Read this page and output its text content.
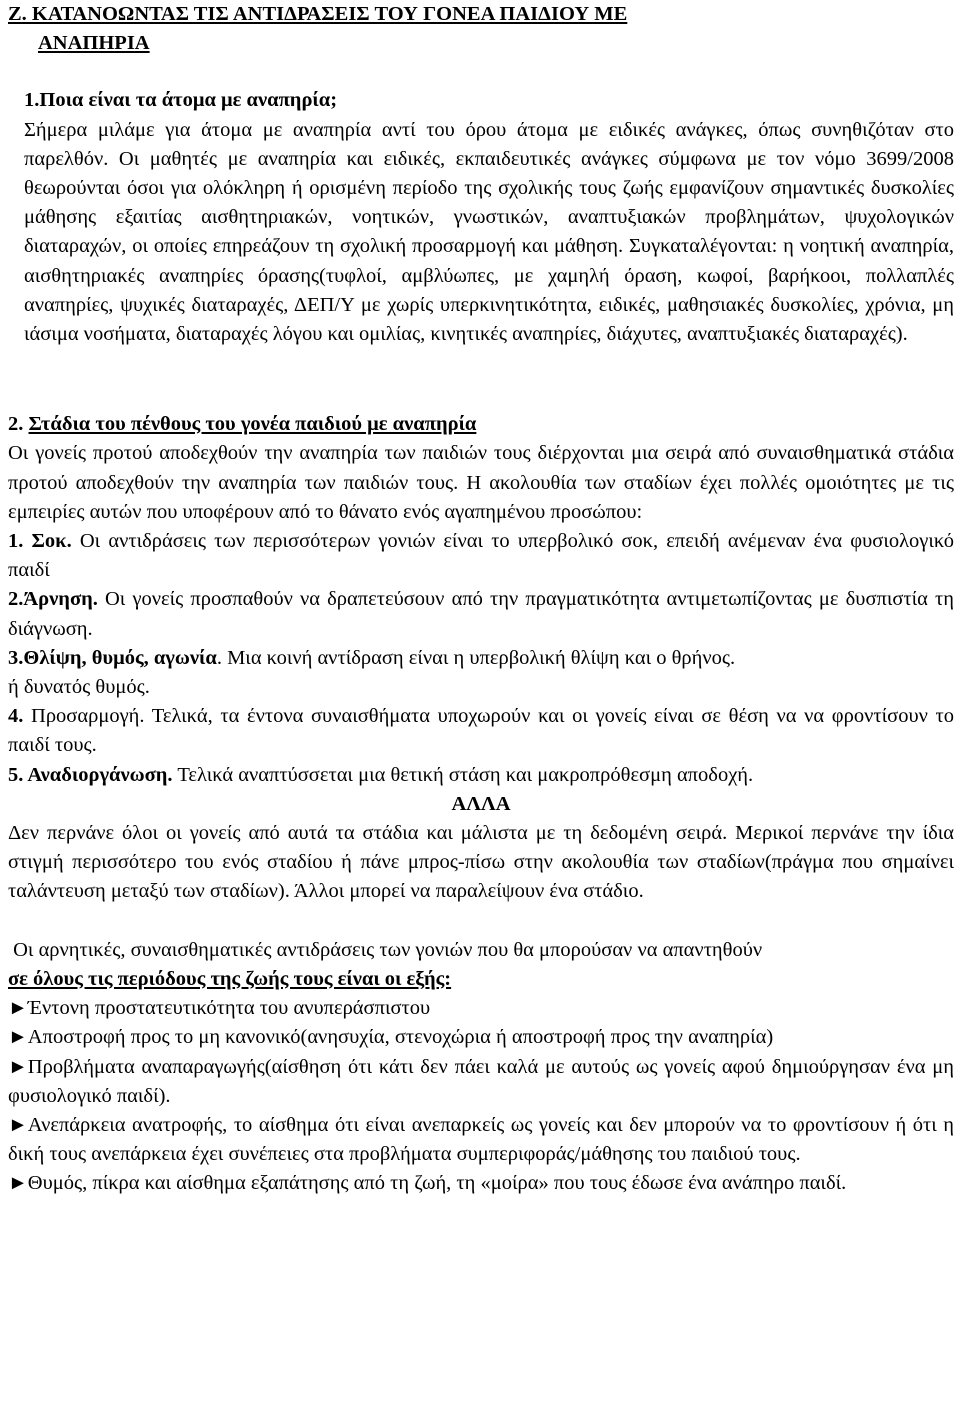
Ζ. ΚΑΤΑΝΟΩΝΤΑΣ ΤΙΣ ΑΝΤΙΔΡΑΣΕΙΣ ΤΟΥ ΓΟΝΕΑ ΠΑΙΔΙΟΥ ΜΕ
ΑΝΑΠΗΡΙΑ

1.Ποια είναι τα άτομα με αναπηρία;

Σήμερα μιλάμε για άτομα με αναπηρία αντί του όρου άτομα με ειδικές ανάγκες, όπως συνηθιζόταν στο παρελθόν. Οι μαθητές με αναπηρία και ειδικές, εκπαιδευτικές ανάγκες σύμφωνα με τον νόμο 3699/2008 θεωρούνται όσοι για ολόκληρη ή ορισμένη περίοδο της σχολικής τους ζωής εμφανίζουν σημαντικές δυσκολίες μάθησης εξαιτίας αισθητηριακών, νοητικών, γνωστικών, αναπτυξιακών προβλημάτων, ψυχολογικών διαταραχών, οι οποίες επηρεάζουν τη σχολική προσαρμογή και μάθηση. Συγκαταλέγονται: η νοητική αναπηρία, αισθητηριακές αναπηρίες όρασης(τυφλοί, αμβλύωπες, με χαμηλή όραση, κωφοί, βαρήκοοι, πολλαπλές αναπηρίες, ψυχικές διαταραχές, ΔΕΠ/Υ με χωρίς υπερκινητικότητα, ειδικές, μαθησιακές δυσκολίες, χρόνια, μη ιάσιμα νοσήματα, διαταραχές λόγου και ομιλίας, κινητικές αναπηρίες, διάχυτες, αναπτυξιακές διαταραχές).

2. Στάδια του πένθους του γονέα παιδιού με αναπηρία

Οι γονείς προτού αποδεχθούν την αναπηρία των παιδιών τους διέρχονται μια σειρά από συναισθηματικά στάδια προτού αποδεχθούν την αναπηρία των παιδιών τους. Η ακολουθία των σταδίων έχει πολλές ομοιότητες με τις εμπειρίες αυτών που υποφέρουν από το θάνατο ενός αγαπημένου προσώπου:

1. Σοκ. Οι αντιδράσεις των περισσότερων γονιών είναι το υπερβολικό σοκ, επειδή ανέμεναν ένα φυσιολογικό παιδί

2.Άρνηση. Οι γονείς προσπαθούν να δραπετεύσουν από την πραγματικότητα αντιμετωπίζοντας με δυσπιστία τη διάγνωση.

3.Θλίψη, θυμός, αγωνία. Μια κοινή αντίδραση είναι η υπερβολική θλίψη και ο θρήνος.

ή δυνατός θυμός.

4. Προσαρμογή. Τελικά, τα έντονα συναισθήματα υποχωρούν και οι γονείς είναι σε θέση να να φροντίσουν το παιδί τους.

5. Αναδιοργάνωση. Τελικά αναπτύσσεται μια θετική στάση και μακροπρόθεσμη αποδοχή.

ΑΛΛΑ

Δεν περνάνε όλοι οι γονείς από αυτά τα στάδια και μάλιστα με τη δεδομένη σειρά. Μερικοί περνάνε την ίδια στιγμή περισσότερο του ενός σταδίου ή πάνε μπρος-πίσω στην ακολουθία των σταδίων(πράγμα που σημαίνει ταλάντευση μεταξύ των σταδίων). Άλλοι μπορεί να παραλείψουν ένα στάδιο.

Οι αρνητικές, συναισθηματικές αντιδράσεις των γονιών που θα μπορούσαν να απαντηθούν

σε όλους τις περιόδους της ζωής τους είναι οι εξής:

►Έντονη προστατευτικότητα του ανυπεράσπιστου

►Αποστροφή προς το μη κανονικό(ανησυχία, στενοχώρια ή αποστροφή προς την αναπηρία)

►Προβλήματα αναπαραγωγής(αίσθηση ότι κάτι δεν πάει καλά με αυτούς ως γονείς αφού δημιούργησαν ένα μη φυσιολογικό παιδί).

►Ανεπάρκεια ανατροφής, το αίσθημα ότι είναι ανεπαρκείς ως γονείς και δεν μπορούν να το φροντίσουν ή ότι η δική τους ανεπάρκεια έχει συνέπειες στα προβλήματα συμπεριφοράς/μάθησης του παιδιού τους.

►Θυμός, πίκρα και αίσθημα εξαπάτησης από τη ζωή, τη «μοίρα» που τους έδωσε ένα ανάπηρο παιδί.
